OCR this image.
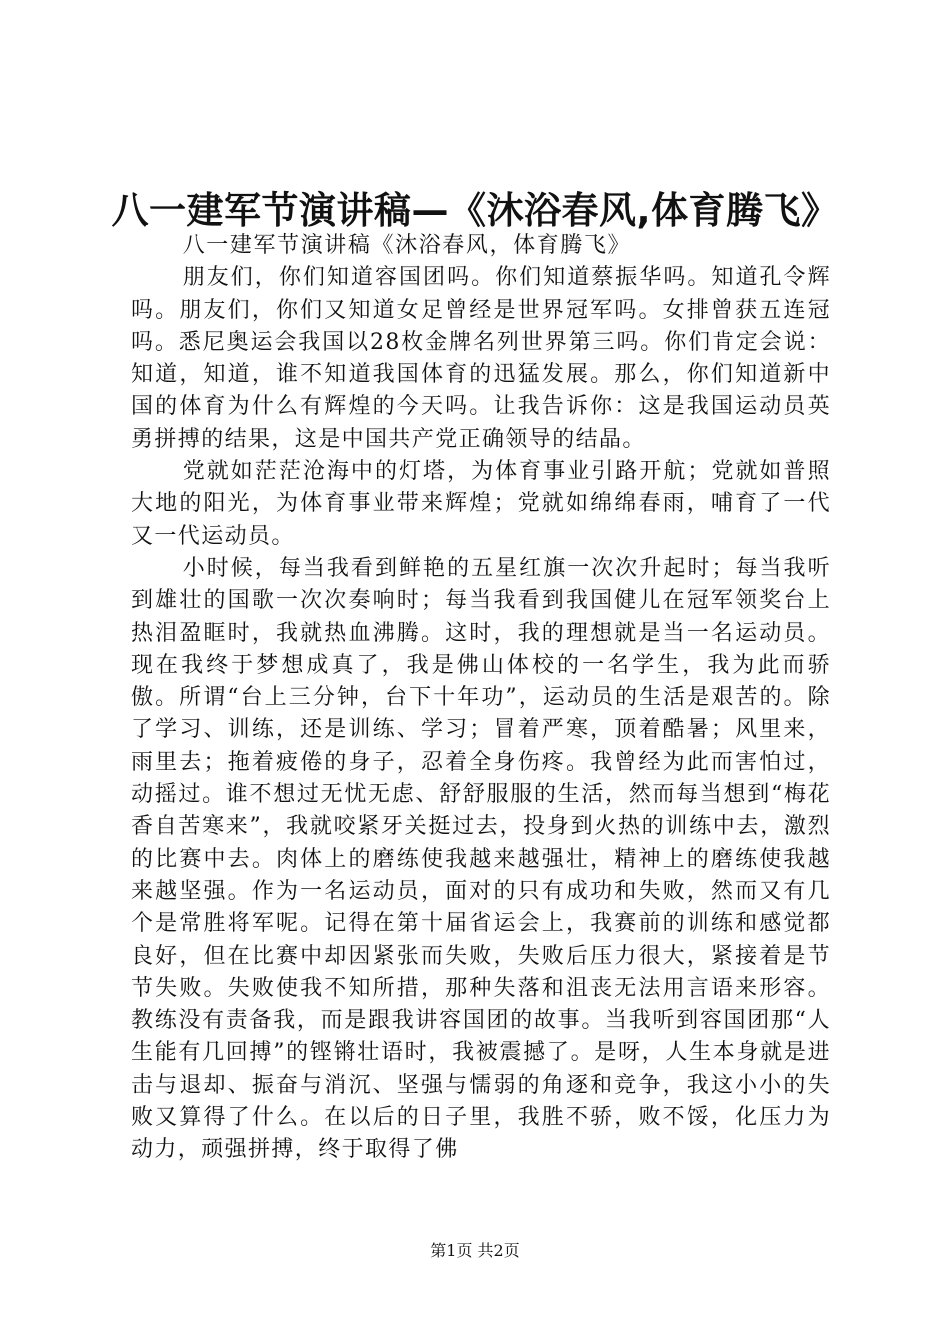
八一建军节演讲稿—《沐浴春风,体育腾飞》

八一建军节演讲稿《沐浴春风，体育腾飞》

朋友们，你们知道容国团吗。你们知道蔡振华吗。知道孔令辉吗。朋友们，你们又知道女足曾经是世界冠军吗。女排曾获五连冠吗。悉尼奥运会我国以28枚金牌名列世界第三吗。你们肯定会说：知道，知道，谁不知道我国体育的迅猛发展。那么，你们知道新中国的体育为什么有辉煌的今天吗。让我告诉你：这是我国运动员英勇拼搏的结果，这是中国共产党正确领导的结晶。

党就如茫茫沧海中的灯塔，为体育事业引路开航；党就如普照大地的阳光，为体育事业带来辉煌；党就如绵绵春雨，哺育了一代又一代运动员。

小时候，每当我看到鲜艳的五星红旗一次次升起时；每当我听到雄壮的国歌一次次奏响时；每当我看到我国健儿在冠军领奖台上热泪盈眶时，我就热血沸腾。这时，我的理想就是当一名运动员。现在我终于梦想成真了，我是佛山体校的一名学生，我为此而骄傲。所谓“台上三分钟，台下十年功”，运动员的生活是艰苦的。除了学习、训练，还是训练、学习；冒着严寒，顶着酷暑；风里来，雨里去；拖着疲倦的身子，忍着全身伤疼。我曾经为此而害怕过，动摇过。谁不想过无忧无虑、舒舒服服的生活，然而每当想到“梅花香自苦寒来”，我就咬紧牙关挺过去，投身到火热的训练中去，激烈的比赛中去。肉体上的磨练使我越来越强壮，精神上的磨练使我越来越坚强。作为一名运动员，面对的只有成功和失败，然而又有几个是常胜将军呢。记得在第十届省运会上，我赛前的训练和感觉都良好，但在比赛中却因紧张而失败，失败后压力很大，紧接着是节节失败。失败使我不知所措，那种失落和沮丧无法用言语来形容。教练没有责备我，而是跟我讲容国团的故事。当我听到容国团那“人生能有几回搏”的铿锵壮语时，我被震撼了。是呀，人生本身就是进击与退却、振奋与消沉、坚强与懦弱的角逐和竞争，我这小小的失败又算得了什么。在以后的日子里，我胜不骄，败不馁，化压力为动力，顽强拼搏，终于取得了佛

第1页 共2页
